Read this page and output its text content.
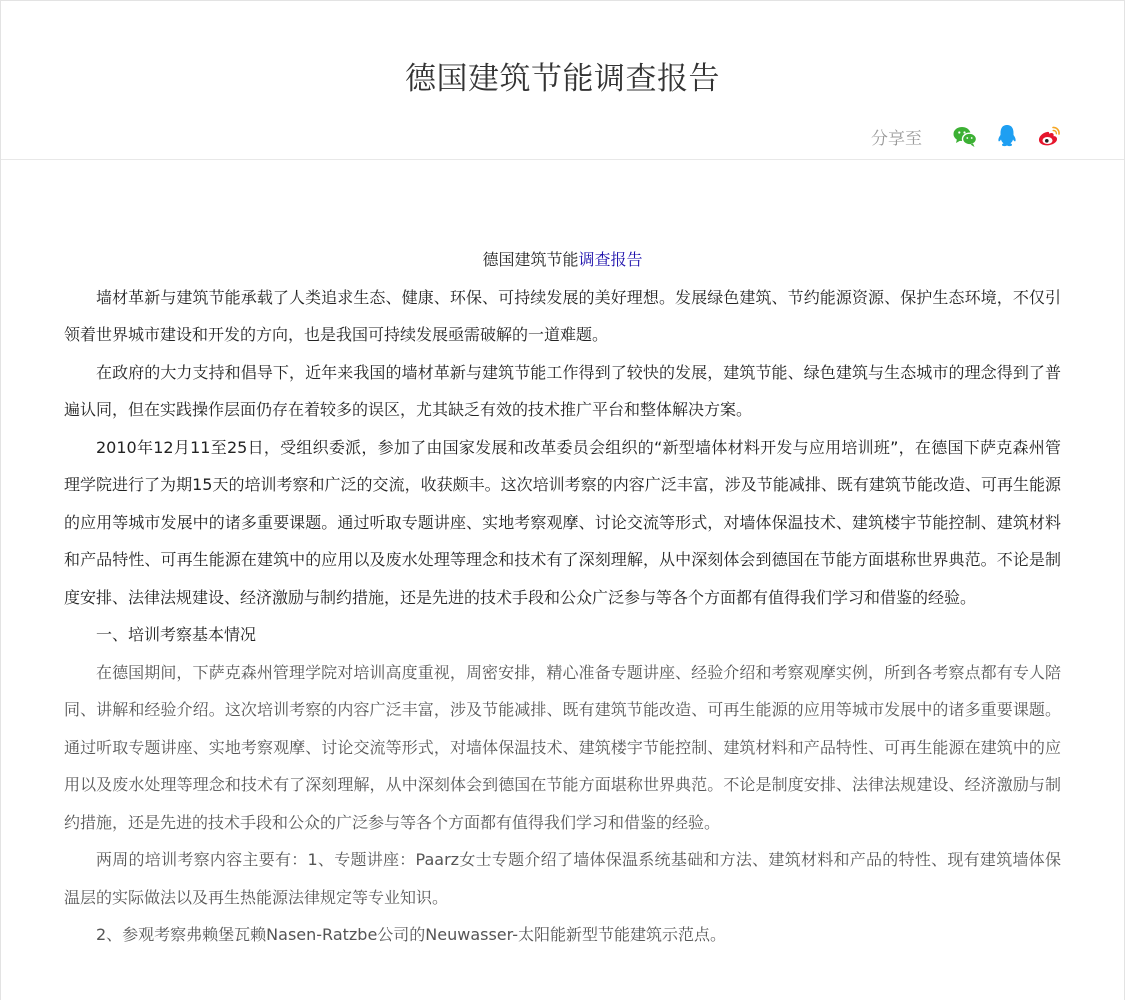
德国建筑节能调查报告
分享至
德国建筑节能调查报告

墙材革新与建筑节能承载了人类追求生态、健康、环保、可持续发展的美好理想。发展绿色建筑、节约能源资源、保护生态环境，不仅引领着世界城市建设和开发的方向，也是我国可持续发展亟需破解的一道难题。

在政府的大力支持和倡导下，近年来我国的墙材革新与建筑节能工作得到了较快的发展，建筑节能、绿色建筑与生态城市的理念得到了普遍认同，但在实践操作层面仍存在着较多的误区，尤其缺乏有效的技术推广平台和整体解决方案。

2010年12月11至25日，受组织委派，参加了由国家发展和改革委员会组织的“新型墙体材料开发与应用培训班”，在德国下萨克森州管理学院进行了为期15天的培训考察和广泛的交流，收获颇丰。这次培训考察的内容广泛丰富，涉及节能减排、既有建筑节能改造、可再生能源的应用等城市发展中的诸多重要课题。通过听取专题讲座、实地考察观摩、讨论交流等形式，对墙体保温技术、建筑楼宇节能控制、建筑材料和产品特性、可再生能源在建筑中的应用以及废水处理等理念和技术有了深刻理解，从中深刻体会到德国在节能方面堪称世界典范。不论是制度安排、法律法规建设、经济激励与制约措施，还是先进的技术手段和公众广泛参与等各个方面都有值得我们学习和借鉴的经验。

一、培训考察基本情况

在德国期间，下萨克森州管理学院对培训高度重视，周密安排，精心准备专题讲座、经验介绍和考察观摩实例，所到各考察点都有专人陪同、讲解和经验介绍。这次培训考察的内容广泛丰富，涉及节能减排、既有建筑节能改造、可再生能源的应用等城市发展中的诸多重要课题。通过听取专题讲座、实地考察观摩、讨论交流等形式，对墙体保温技术、建筑楼宇节能控制、建筑材料和产品特性、可再生能源在建筑中的应用以及废水处理等理念和技术有了深刻理解，从中深刻体会到德国在节能方面堪称世界典范。不论是制度安排、法律法规建设、经济激励与制约措施，还是先进的技术手段和公众的广泛参与等各个方面都有值得我们学习和借鉴的经验。

两周的培训考察内容主要有：1、专题讲座：Paarz女士专题介绍了墙体保温系统基础和方法、建筑材料和产品的特性、现有建筑墙体保温层的实际做法以及再生热能源法律规定等专业知识。

2、参观考察弗赖堡瓦赖Nasen-Ratzbe公司的Neuwasser-太阳能新型节能建筑示范点。
